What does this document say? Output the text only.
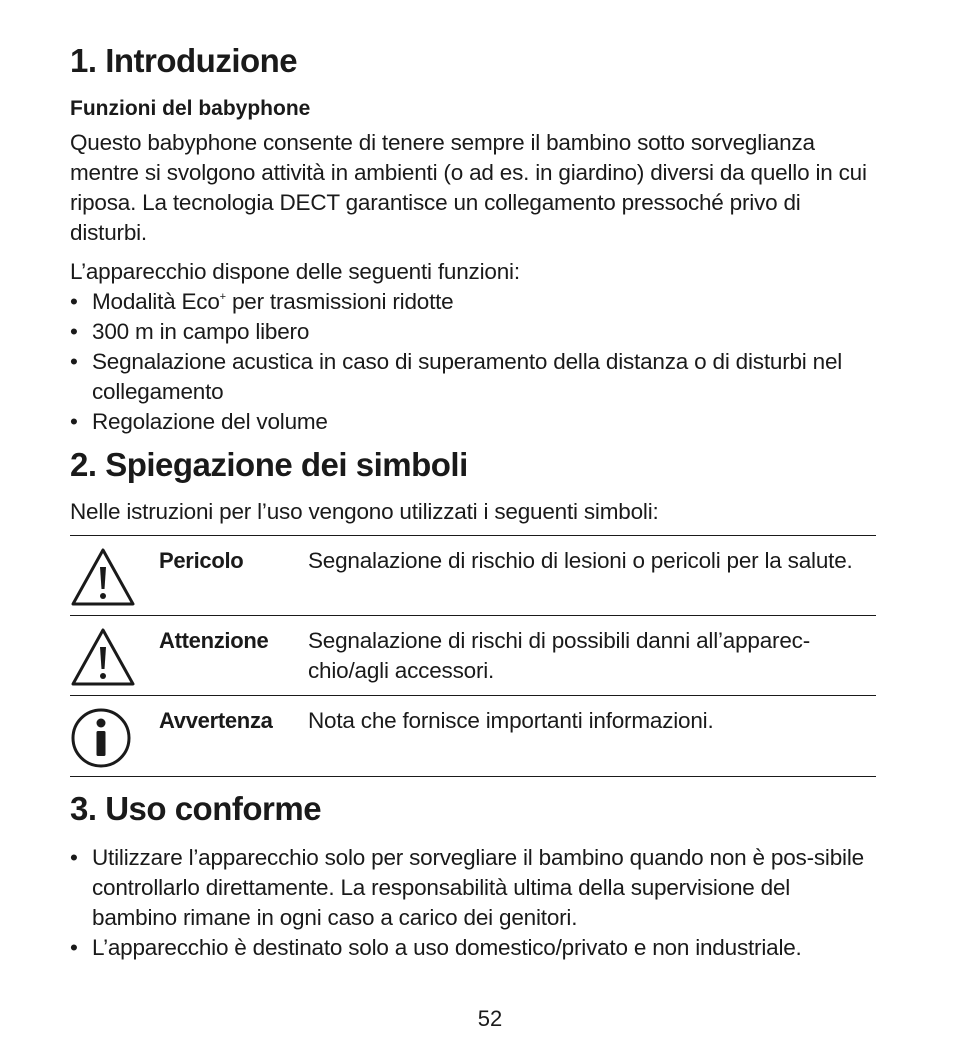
1. Introduzione
Funzioni del babyphone

Questo babyphone consente di tenere sempre il bambino sotto sorveglianza mentre si svolgono attività in ambienti (o ad es. in giardino) diversi da quello in cui riposa. La tecnologia DECT garantisce un collegamento pressoché privo di disturbi.

L’apparecchio dispone delle seguenti funzioni:

• Modalità Eco+ per trasmissioni ridotte
• 300 m in campo libero
• Segnalazione acustica in caso di superamento della distanza o di disturbi nel collegamento
• Regolazione del volume
2. Spiegazione dei simboli

Nelle istruzioni per l’uso vengono utilizzati i seguenti simboli:

Pericolo	Segnalazione di rischio di lesioni o pericoli per la salute.
Attenzione Segnalazione di rischi di possibili danni all’apparec-chio/agli accessori.
Avvertenza Nota che fornisce importanti informazioni.
3. Uso conforme
• Utilizzare l’apparecchio solo per sorvegliare il bambino quando non è pos-sibile controllarlo direttamente. La responsabilità ultima della supervisione del bambino rimane in ogni caso a carico dei genitori.
• L’apparecchio è destinato solo a uso domestico/privato e non industriale.
52
